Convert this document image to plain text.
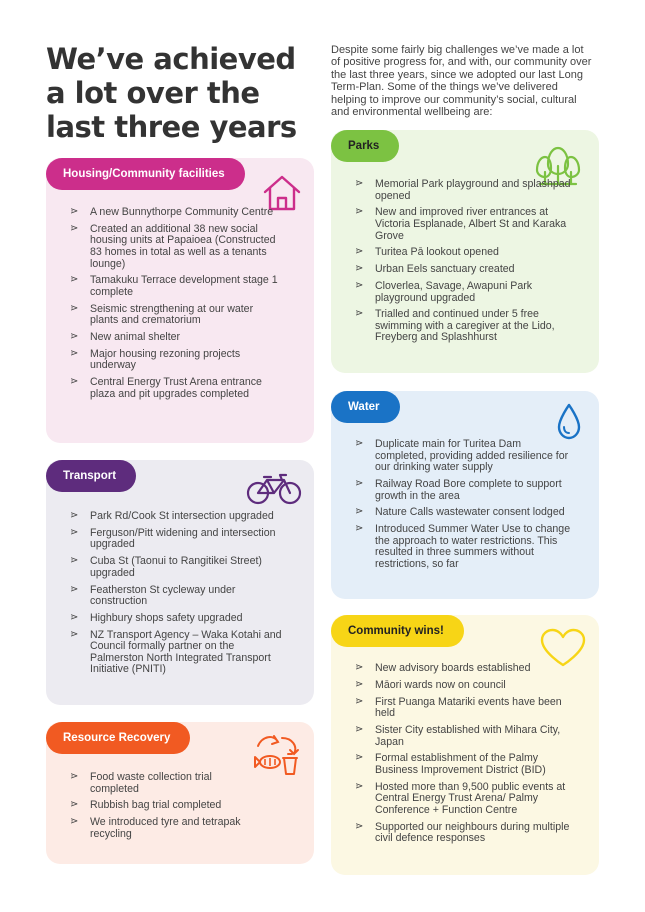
We’ve achieved a lot over the last three years

Despite some fairly big challenges we’ve made a lot of positive progress for, and with, our community over the last three years, since we adopted our last Long Term-Plan. Some of the things we’ve delivered helping to improve our community’s social, cultural and environmental wellbeing are:

Housing/Community facilities
⋗ A new Bunnythorpe Community Centre
⋗ Created an additional 38 new social housing units at Papaioea (Constructed 83 homes in total as well as a tenants lounge)
⋗ Tamakuku Terrace development stage 1 complete
⋗ Seismic strengthening at our water plants and crematorium
⋗ New animal shelter
⋗ Major housing rezoning projects underway
⋗ Central Energy Trust Arena entrance plaza and pit upgrades completed
Transport
⋗ Park Rd/Cook St intersection upgraded
⋗ Ferguson/Pitt widening and intersection upgraded
⋗ Cuba St (Taonui to Rangitikei Street) upgraded
⋗ Featherston St cycleway under construction
⋗ Highbury shops safety upgraded
⋗ NZ Transport Agency – Waka Kotahi and Council formally partner on the Palmerston North Integrated Transport Initiative (PNITI)
Resource Recovery
⋗ Food waste collection trial completed
⋗ Rubbish bag trial completed
⋗ We introduced tyre and tetrapak recycling
Parks
⋗ Memorial Park playground and splashpad opened
⋗ New and improved river entrances at Victoria Esplanade, Albert St and Karaka Grove
⋗ Turitea Pā lookout opened
⋗ Urban Eels sanctuary created
⋗ Cloverlea, Savage, Awapuni Park playground upgraded
⋗ Trialled and continued under 5 free swimming with a caregiver at the Lido, Freyberg and Splashhurst
Water
⋗ Duplicate main for Turitea Dam completed, providing added resilience for our drinking water supply
⋗ Railway Road Bore complete to support growth in the area
⋗ Nature Calls wastewater consent lodged
⋗ Introduced Summer Water Use to change the approach to water restrictions. This resulted in three summers without restrictions, so far
Community wins!
⋗ New advisory boards established
⋗ Māori wards now on council
⋗ First Puanga Matariki events have been held
⋗ Sister City established with Mihara City, Japan
⋗ Formal establishment of the Palmy Business Improvement District (BID)
⋗ Hosted more than 9,500 public events at Central Energy Trust Arena/ Palmy Conference + Function Centre
⋗ Supported our neighbours during multiple civil defence responses
